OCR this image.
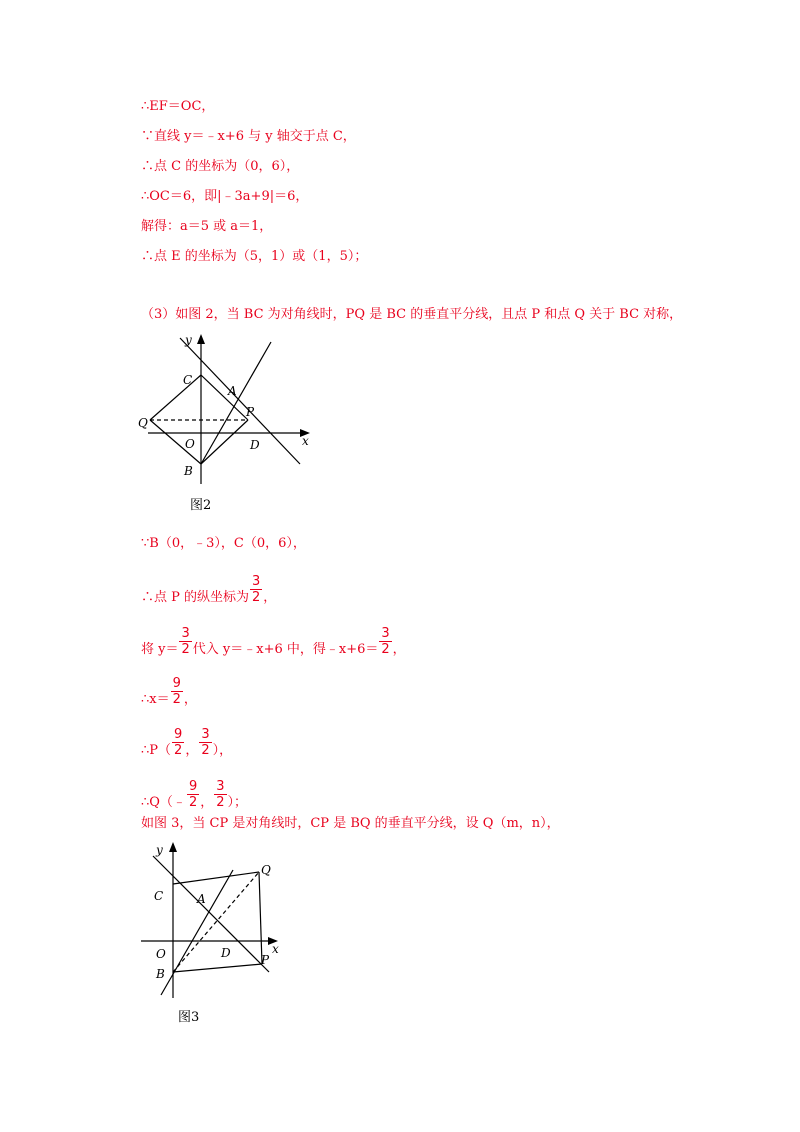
∴EF＝OC，
∵直线 y＝﹣x+6 与 y 轴交于点 C，
∴点 C 的坐标为（0，6），
∴OC＝6，即|﹣3a+9|＝6，
解得：a＝5 或 a＝1，
∴点 E 的坐标为（5，1）或（1，5）；
（3）如图 2，当 BC 为对角线时，PQ 是 BC 的垂直平分线，且点 P 和点 Q 关于 BC 对称，
y
C
A
P
Q
O	D	x
B
图2
∵B（0，﹣3），C（0，6），
∴点 P 的纵坐标为 $\frac{3}{2}$ ，
将 $y= \frac{3}{2}$ 代入 y＝﹣x+6 中，得﹣x+6＝ $\frac{3}{2}$ ，
∴x＝ $\frac{9}{2}$ ，
∴P（ $\frac{9}{2}$ ， $\frac{3}{2}$ ），
∴Q（﹣ $\frac{9}{2}$ ， $\frac{3}{2}$ ）；
如图 3，当 CP 是对角线时，CP 是 BQ 的垂直平分线，设 Q（m，n），
y
Q
C	A
O	D	x
P
B
图3
